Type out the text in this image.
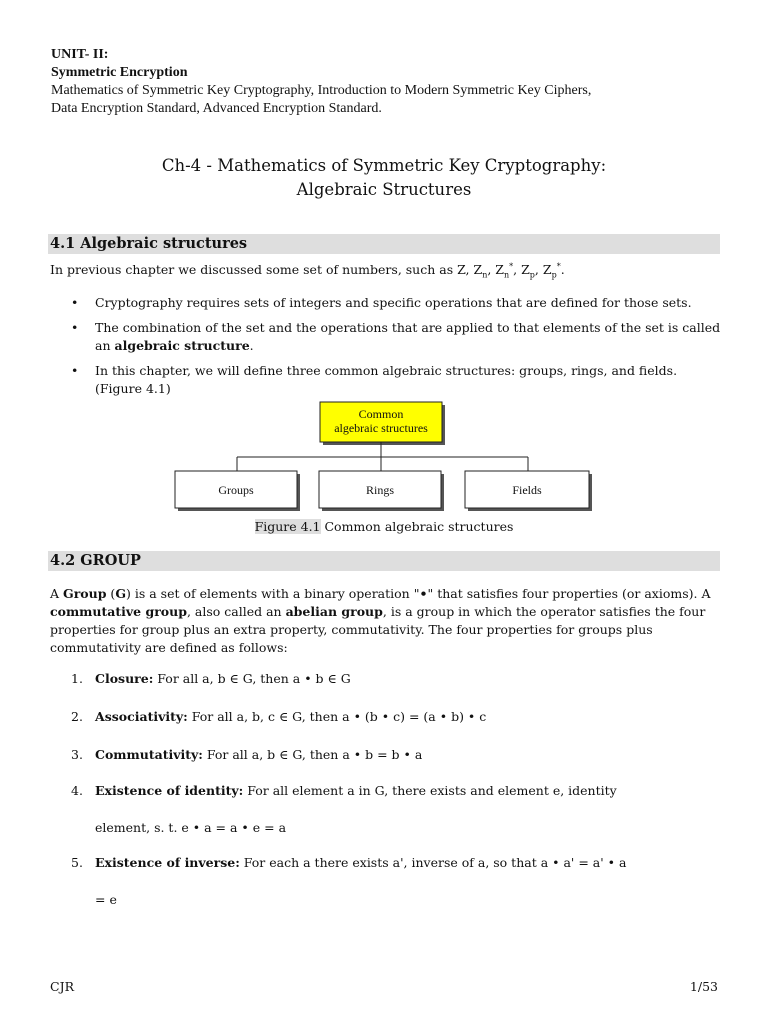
UNIT- II:
Symmetric Encryption
Mathematics of Symmetric Key Cryptography, Introduction to Modern Symmetric Key Ciphers,
Data Encryption Standard, Advanced Encryption Standard.
Ch-4 - Mathematics of Symmetric Key Cryptography:
Algebraic Structures
4.1 Algebraic structures
In previous chapter we discussed some set of numbers, such as Z, $Z_n$, $Z_n^*$, $Z_p$, $Z_p^*$.
• Cryptography requires sets of integers and specific operations that are defined for those sets.
• The combination of the set and the operations that are applied to that elements of the set is called an algebraic structure.
• In this chapter, we will define three common algebraic structures: groups, rings, and fields. (Figure 4.1)
Common
algebraic structures
Groups	Rings	Fields
Figure 4.1 Common algebraic structures
4.2 GROUP
A Group (G) is a set of elements with a binary operation "•" that satisfies four properties (or axioms). A commutative group, also called an abelian group, is a group in which the operator satisfies the four properties for group plus an extra property, commutativity. The four properties for groups plus commutativity are defined as follows:
1. Closure: For all a, b ∈ G, then a • b ∈ G
2. Associativity: For all a, b, c ∈ G, then a • (b • c) = (a • b) • c
3. Commutativity: For all a, b ∈ G, then a • b = b • a
4. Existence of identity: For all element a in G, there exists and element e, identity
element, s. t. e • a = a • e = a
5. Existence of inverse: For each a there exists a', inverse of a, so that a • a' = a' • a
= e
CJR	1/53
